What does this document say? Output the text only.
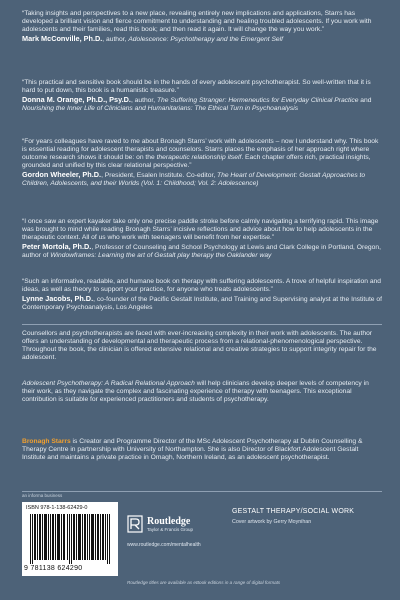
“Taking insights and perspectives to a new place, revealing entirely new implications and applications, Starrs has developed a brilliant vision and fierce commitment to understanding and healing troubled adolescents. If you work with adolescents and their families, read this book; and then read it again. It will change the way you work.”
Mark McConville, Ph.D., author, Adolescence: Psychotherapy and the Emergent Self
“This practical and sensitive book should be in the hands of every adolescent psychotherapist. So well-written that it is hard to put down, this book is a humanistic treasure.”
Donna M. Orange, Ph.D., Psy.D., author, The Suffering Stranger: Hermeneutics for Everyday Clinical Practice and Nourishing the Inner Life of Clinicians and Humanitarians: The Ethical Turn in Psychoanalysis
“For years colleagues have raved to me about Bronagh Starrs’ work with adolescents – now I understand why. This book is essential reading for adolescent therapists and counselors. Starrs places the emphasis of her approach right where outcome research shows it should be: on the therapeutic relationship itself. Each chapter offers rich, practical insights, grounded and unified by this clear relational perspective.”
Gordon Wheeler, Ph.D., President, Esalen Institute. Co-editor, The Heart of Development: Gestalt Approaches to Children, Adolescents, and their Worlds (Vol. 1: Childhood; Vol. 2: Adolescence)
“I once saw an expert kayaker take only one precise paddle stroke before calmly navigating a terrifying rapid. This image was brought to mind while reading Bronagh Starrs’ incisive reflections and advice about how to help adolescents in the therapeutic context. All of us who work with teenagers will benefit from her expertise.”
Peter Mortola, Ph.D., Professor of Counseling and School Psychology at Lewis and Clark College in Portland, Oregon, author of Windowframes: Learning the art of Gestalt play therapy the Oaklander way
“Such an informative, readable, and humane book on therapy with suffering adolescents. A trove of helpful inspiration and ideas, as well as theory to support your practice, for anyone who treats adolescents.”
Lynne Jacobs, Ph.D., co-founder of the Pacific Gestalt Institute, and Training and Supervising analyst at the Institute of Contemporary Psychoanalysis, Los Angeles
Counsellors and psychotherapists are faced with ever-increasing complexity in their work with adolescents. The author offers an understanding of developmental and therapeutic process from a relational-phenomenological perspective. Throughout the book, the clinician is offered extensive relational and creative strategies to support integrity repair for the adolescent.
Adolescent Psychotherapy: A Radical Relational Approach will help clinicians develop deeper levels of competency in their work, as they navigate the complex and fascinating experience of therapy with teenagers. This exceptional contribution is suitable for experienced practitioners and students of psychotherapy.
Bronagh Starrs is Creator and Programme Director of the MSc Adolescent Psychotherapy at Dublin Counselling & Therapy Centre in partnership with University of Northampton. She is also Director of Blackfort Adolescent Gestalt Institute and maintains a private practice in Omagh, Northern Ireland, as an adolescent psychotherapist.
an informa business
ISBN 978-1-138-62429-0
9 781138 624290
Routledge
Taylor & Francis Group
www.routledge.com/mentalhealth
GESTALT THERAPY/SOCIAL WORK
Cover artwork by Gerry Moynihan
Routledge titles are available as eBook editions in a range of digital formats
